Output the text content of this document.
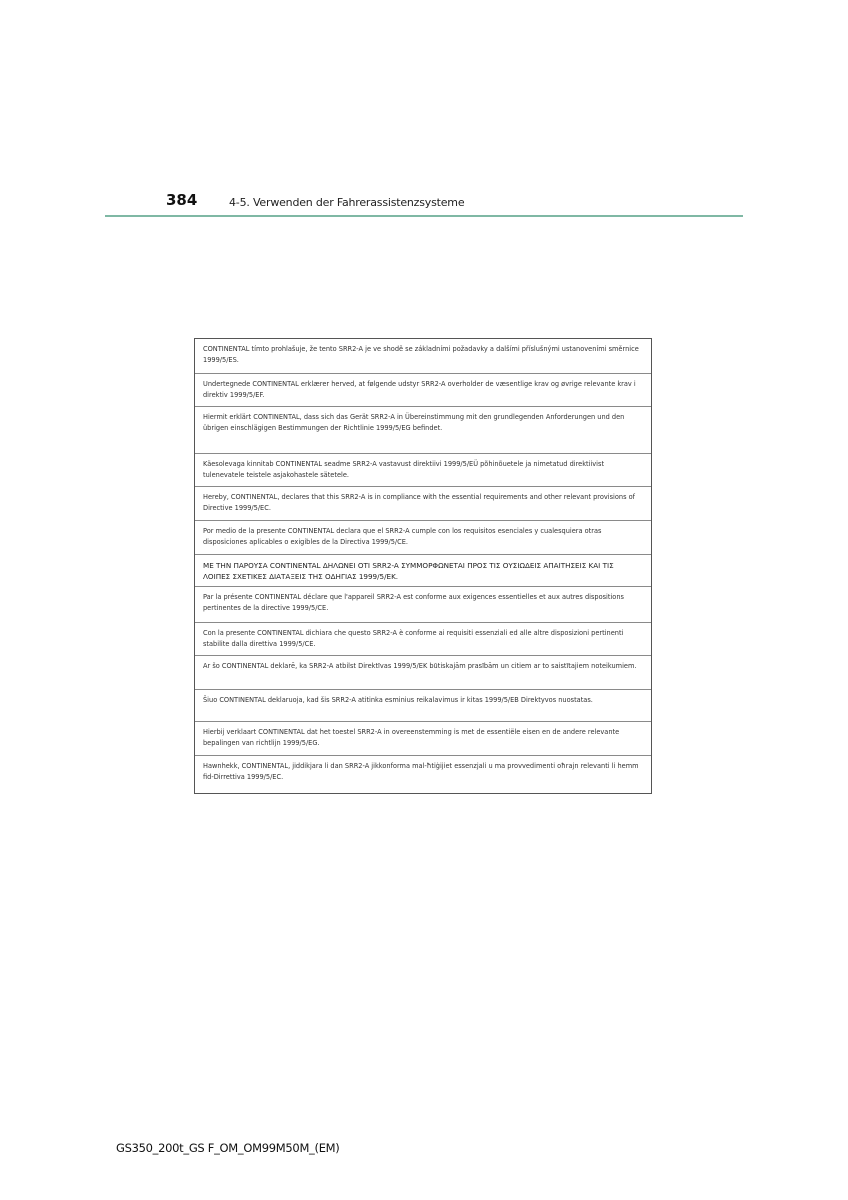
384	4-5. Verwenden der Fahrerassistenzsysteme
CONTINENTAL tímto prohlašuje, že tento SRR2-A je ve shodě se základními požadavky a dalšími příslušnými ustanoveními směrnice 1999/5/ES.
Undertegnede CONTINENTAL erklærer herved, at følgende udstyr SRR2-A overholder de væsentlige krav og øvrige relevante krav i direktiv 1999/5/EF.
Hiermit erklärt CONTINENTAL, dass sich das Gerät SRR2-A in Übereinstimmung mit den grundlegenden Anforderungen und den übrigen einschlägigen Bestimmungen der Richtlinie 1999/5/EG befindet.
Käesolevaga kinnitab CONTINENTAL seadme SRR2-A vastavust direktiivi 1999/5/EÜ põhinõuetele ja nimetatud direktiivist tulenevatele teistele asjakohastele sätetele.
Hereby, CONTINENTAL, declares that this SRR2-A is in compliance with the essential requirements and other relevant provisions of Directive 1999/5/EC.
Por medio de la presente CONTINENTAL declara que el SRR2-A cumple con los requisitos esenciales y cualesquiera otras disposiciones aplicables o exigibles de la Directiva 1999/5/CE.
ΜΕ ΤΗΝ ΠΑΡΟΥΣΑ CONTINENTAL ΔΗΛΩΝΕΙ ΟΤΙ SRR2-A ΣΥΜΜΟΡΦΩΝΕΤΑΙ ΠΡΟΣ ΤΙΣ ΟΥΣΙΩΔΕΙΣ ΑΠΑΙΤΗΣΕΙΣ ΚΑΙ ΤΙΣ ΛΟΙΠΕΣ ΣΧΕΤΙΚΕΣ ΔΙΑΤΑΞΕΙΣ ΤΗΣ ΟΔΗΓΙΑΣ 1999/5/ΕΚ.
Par la présente CONTINENTAL déclare que l'appareil SRR2-A est conforme aux exigences essentielles et aux autres dispositions pertinentes de la directive 1999/5/CE.
Con la presente CONTINENTAL dichiara che questo SRR2-A è conforme ai requisiti essenziali ed alle altre disposizioni pertinenti stabilite dalla direttiva 1999/5/CE.
Ar šo CONTINENTAL deklarē, ka SRR2-A atbilst Direktīvas 1999/5/EK būtiskajām prasībām un citiem ar to saistītajiem noteikumiem.
Šiuo CONTINENTAL deklaruoja, kad šis SRR2-A atitinka esminius reikalavimus ir kitas 1999/5/EB Direktyvos nuostatas.
Hierbij verklaart CONTINENTAL dat het toestel SRR2-A in overeenstemming is met de essentiële eisen en de andere relevante bepalingen van richtlijn 1999/5/EG.
Hawnhekk, CONTINENTAL, jiddikjara li dan SRR2-A jikkonforma mal-ħtiġijiet essenzjali u ma provvedimenti oħrajn relevanti li hemm fid-Dirrettiva 1999/5/EC.
GS350_200t_GS F_OM_OM99M50M_(EM)
